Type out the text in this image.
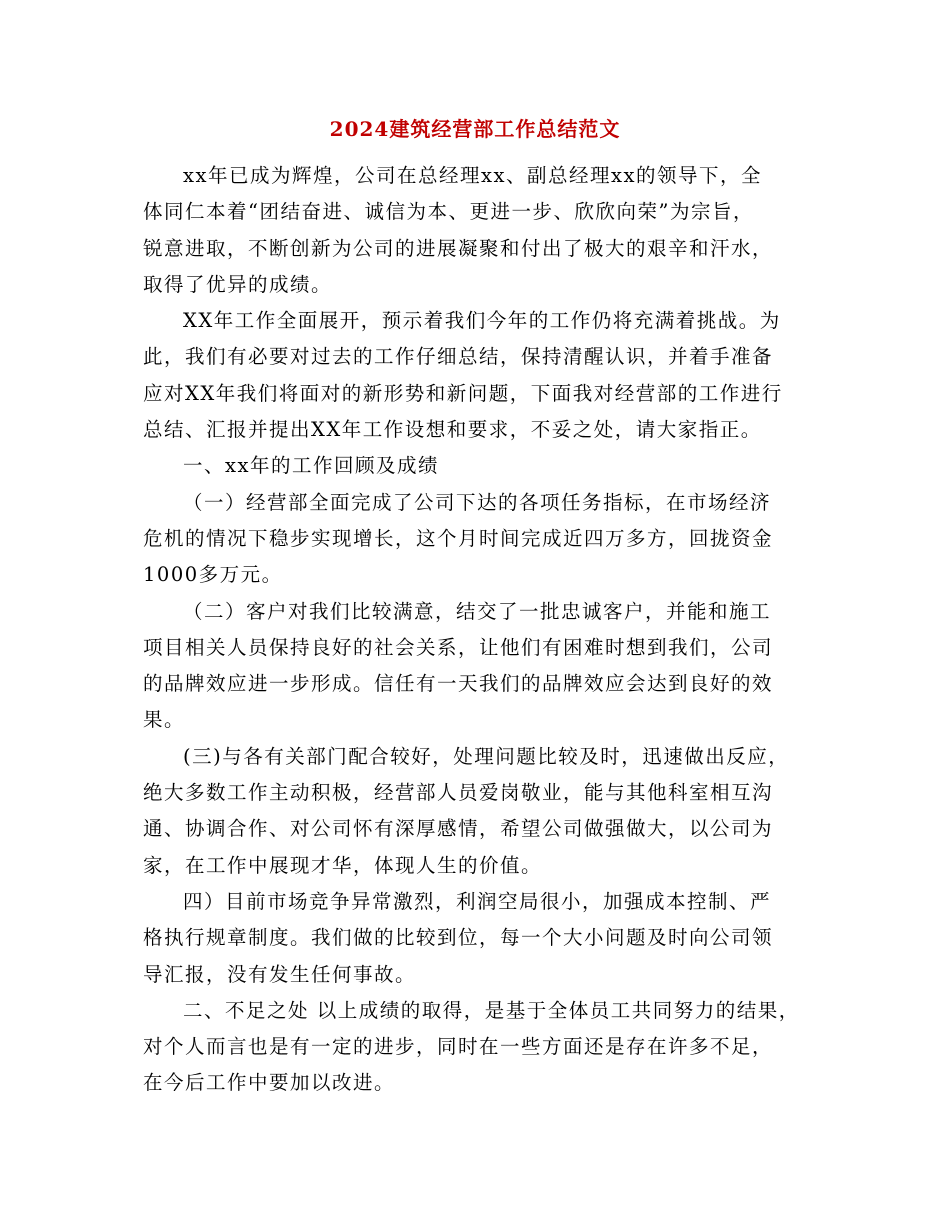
2024建筑经营部工作总结范文
xx年已成为辉煌，公司在总经理xx、副总经理xx的领导下，全
体同仁本着“团结奋进、诚信为本、更进一步、欣欣向荣”为宗旨，
锐意进取，不断创新为公司的进展凝聚和付出了极大的艰辛和汗水，
取得了优异的成绩。
XX年工作全面展开，预示着我们今年的工作仍将充满着挑战。为
此，我们有必要对过去的工作仔细总结，保持清醒认识，并着手准备
应对XX年我们将面对的新形势和新问题，下面我对经营部的工作进行
总结、汇报并提出XX年工作设想和要求，不妥之处，请大家指正。
一、xx年的工作回顾及成绩
（一）经营部全面完成了公司下达的各项任务指标，在市场经济
危机的情况下稳步实现增长，这个月时间完成近四万多方，回拢资金
1000多万元。
（二）客户对我们比较满意，结交了一批忠诚客户，并能和施工
项目相关人员保持良好的社会关系，让他们有困难时想到我们，公司
的品牌效应进一步形成。信任有一天我们的品牌效应会达到良好的效
果。
(三)与各有关部门配合较好，处理问题比较及时，迅速做出反应，
绝大多数工作主动积极，经营部人员爱岗敬业，能与其他科室相互沟
通、协调合作、对公司怀有深厚感情，希望公司做强做大，以公司为
家，在工作中展现才华，体现人生的价值。
四）目前市场竞争异常激烈，利润空局很小，加强成本控制、严
格执行规章制度。我们做的比较到位，每一个大小问题及时向公司领
导汇报，没有发生任何事故。
二、不足之处 以上成绩的取得，是基于全体员工共同努力的结果，
对个人而言也是有一定的进步，同时在一些方面还是存在许多不足，
在今后工作中要加以改进。
